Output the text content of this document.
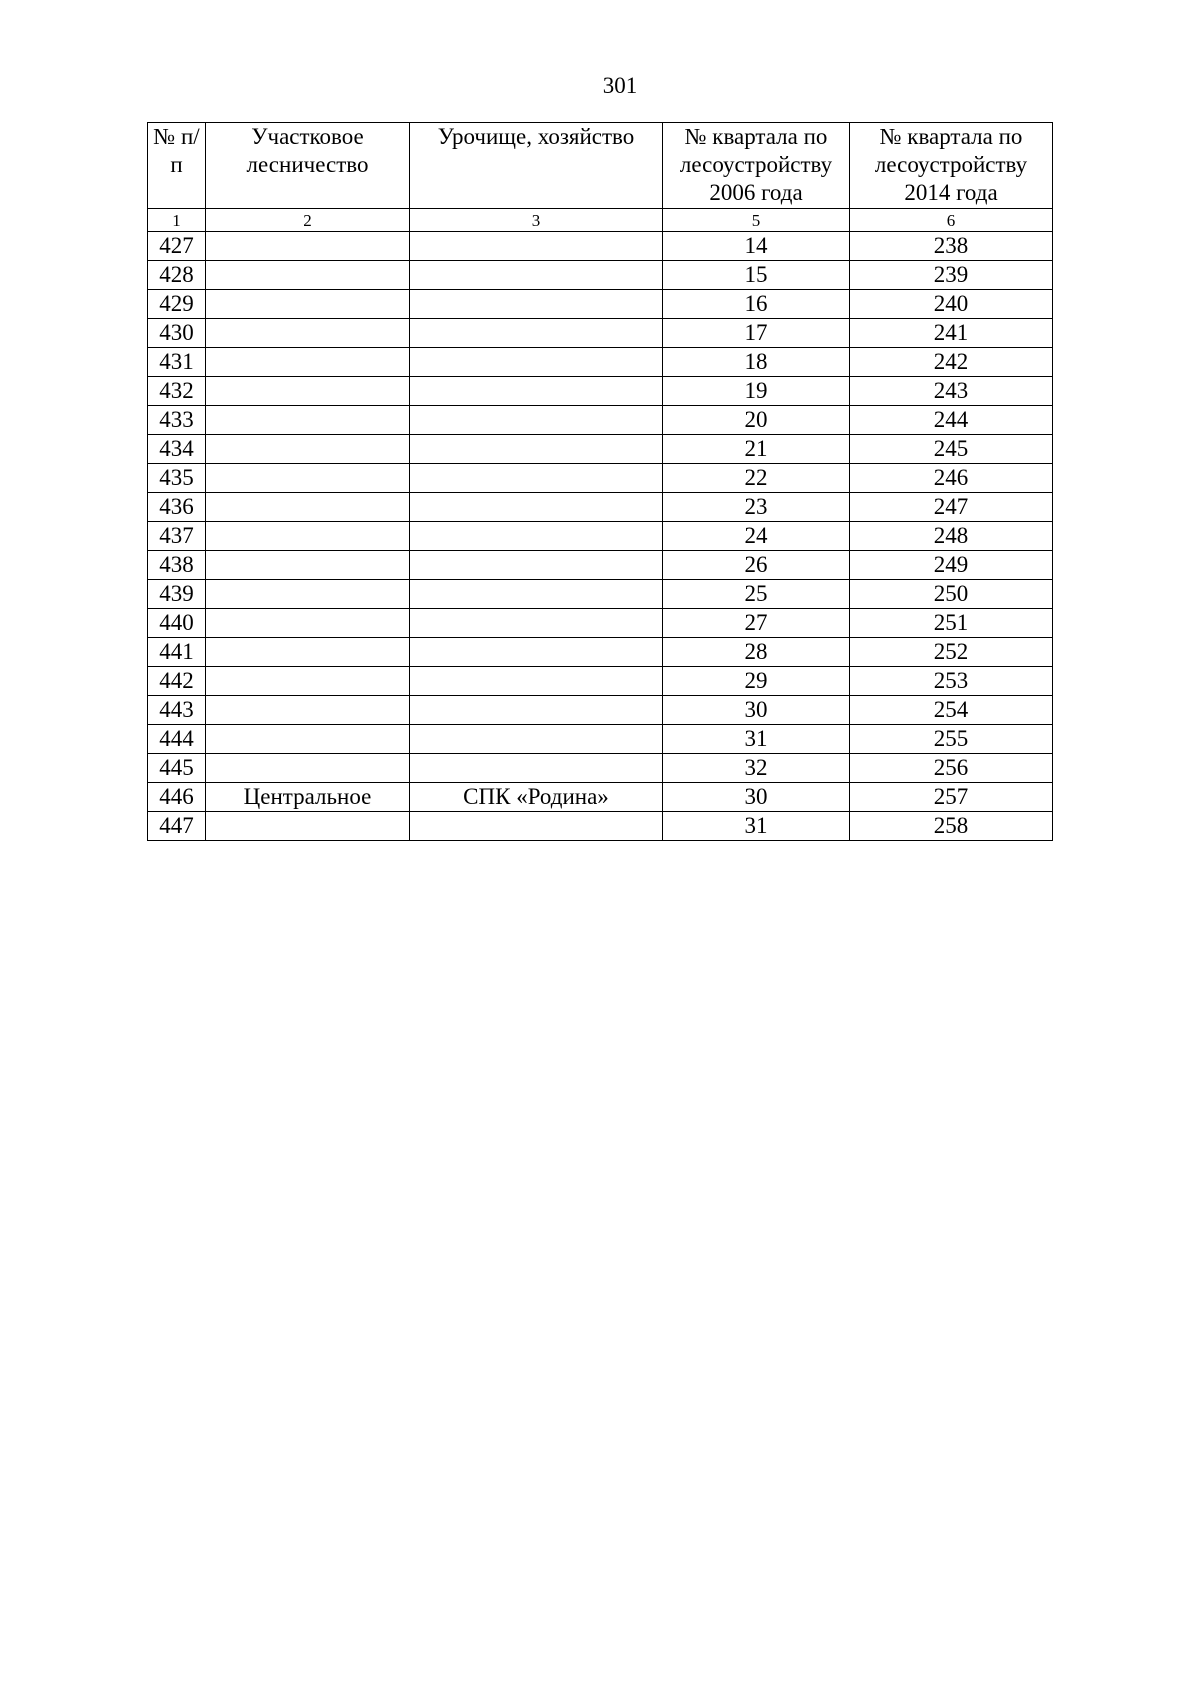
301
№ п/п	Участковое лесничество	Урочище, хозяйство	№ квартала по лесоустройству 2006 года	№ квартала по лесоустройству 2014 года
1	2	3	5	6
427			14	238
428			15	239
429			16	240
430			17	241
431			18	242
432			19	243
433			20	244
434			21	245
435			22	246
436			23	247
437			24	248
438			26	249
439			25	250
440			27	251
441			28	252
442			29	253
443			30	254
444			31	255
445			32	256
446	Центральное	СПК «Родина»	30	257
447			31	258
